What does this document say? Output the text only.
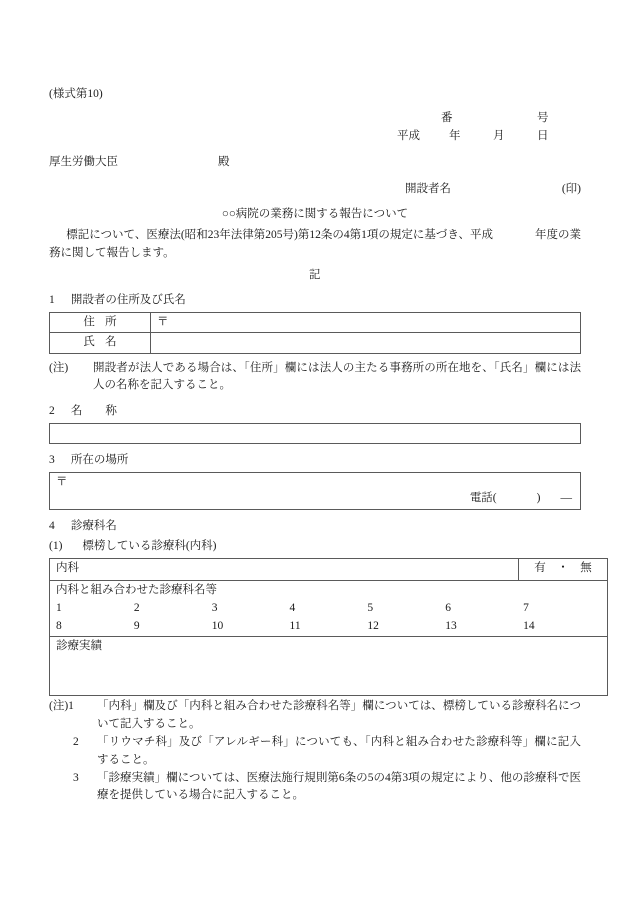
(様式第10)
番	号
平成	年	月	日
厚生労働大臣	殿
開設者名	(印)
○○病院の業務に関する報告について
標記について、医療法(昭和23年法律第205号)第12条の4第1項の規定に基づき、平成	年度の業務に関して報告します。
記
1 開設者の住所及び氏名
住所	〒
氏名	
(注)	開設者が法人である場合は、「住所」欄には法人の主たる事務所の所在地を、「氏名」欄には法人の名称を記入すること。
2 名　　称
3 所在の場所
〒
電話(	) —
4 診療科名
(1) 標榜している診療科(内科)
内科	有　 ・　 無

内科と組み合わせた診療科名等
1	2	3	4	5	6	7
8	9	10	11	12	13	14

診療実績
(注)1	「内科」欄及び「内科と組み合わせた診療科名等」欄については、標榜している診療科名について記入すること。
2	「リウマチ科」及び「アレルギー科」についても、「内科と組み合わせた診療科等」欄に記入すること。
3	「診療実績」欄については、医療法施行規則第6条の5の4第3項の規定により、他の診療科で医療を提供している場合に記入すること。
